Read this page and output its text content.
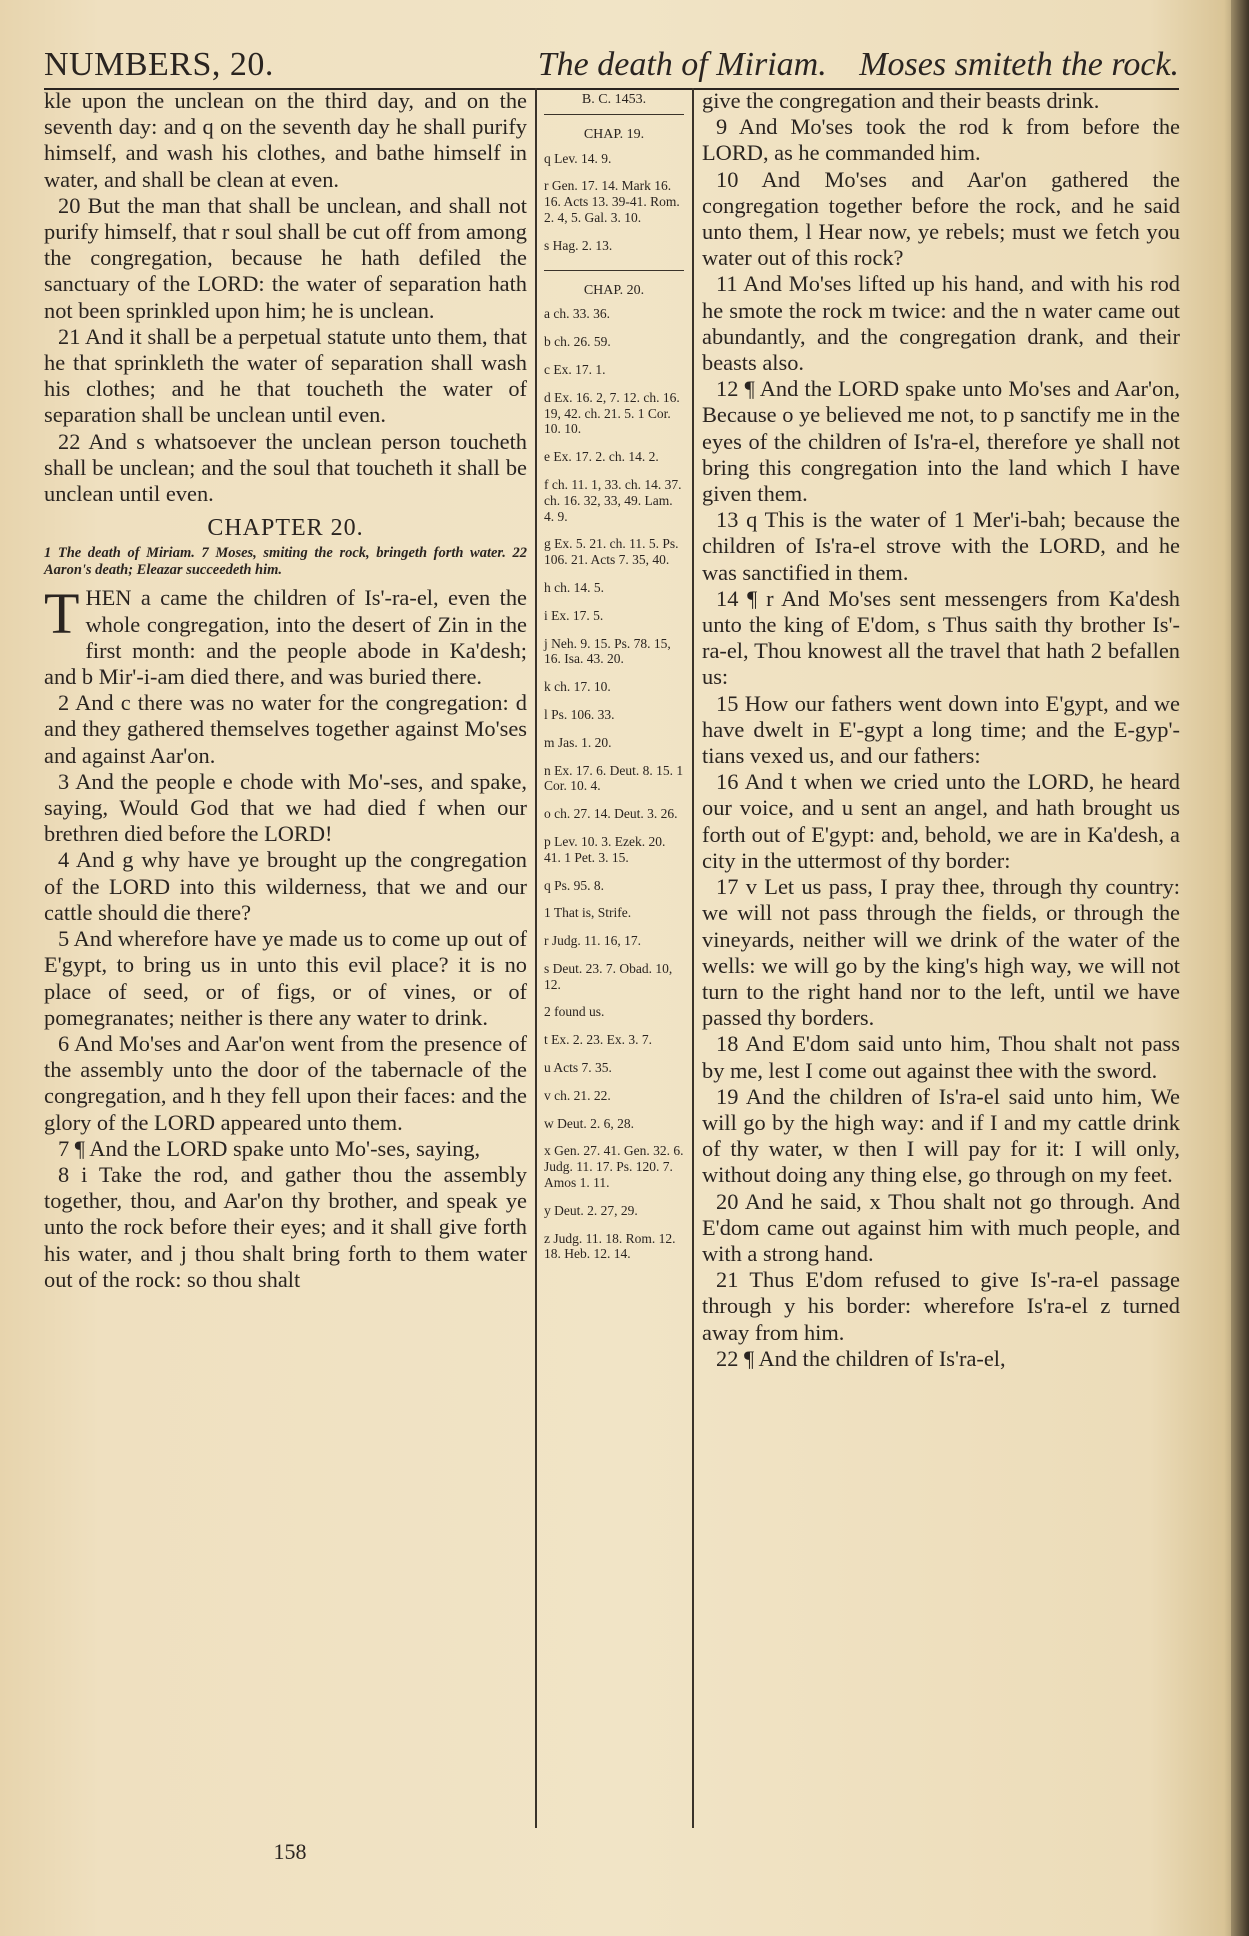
NUMBERS, 20.	The death of Miriam. Moses smiteth the rock.

kle upon the unclean on the third day, and on the seventh day: and q on the seventh day he shall purify himself, and wash his clothes, and bathe himself in water, and shall be clean at even.

20 But the man that shall be unclean, and shall not purify himself, that r soul shall be cut off from among the congregation, because he hath defiled the sanctuary of the LORD: the water of separation hath not been sprinkled upon him; he is unclean.

21 And it shall be a perpetual statute unto them, that he that sprinkleth the water of separation shall wash his clothes; and he that toucheth the water of separation shall be unclean until even.

22 And s whatsoever the unclean person toucheth shall be unclean; and the soul that toucheth it shall be unclean until even.

CHAPTER 20.
1 The death of Miriam. 7 Moses, smiting the rock, bringeth forth water. 22 Aaron's death; Eleazar succeedeth him.

THEN a came the children of Is'-ra-el, even the whole congregation, into the desert of Zin in the first month: and the people abode in Ka'desh; and b Mir'-i-am died there, and was buried there.

2 And c there was no water for the congregation: d and they gathered themselves together against Mo'ses and against Aar'on.

3 And the people e chode with Mo'-ses, and spake, saying, Would God that we had died f when our brethren died before the LORD!

4 And g why have ye brought up the congregation of the LORD into this wilderness, that we and our cattle should die there?

5 And wherefore have ye made us to come up out of E'gypt, to bring us in unto this evil place? it is no place of seed, or of figs, or of vines, or of pomegranates; neither is there any water to drink.

6 And Mo'ses and Aar'on went from the presence of the assembly unto the door of the tabernacle of the congregation, and h they fell upon their faces: and the glory of the LORD appeared unto them.

7 ¶ And the LORD spake unto Mo'-ses, saying,

8 i Take the rod, and gather thou the assembly together, thou, and Aar'on thy brother, and speak ye unto the rock before their eyes; and it shall give forth his water, and j thou shalt bring forth to them water out of the rock: so thou shalt

B. C. 1453.
CHAP. 19.
q Lev. 14. 9.
r Gen. 17. 14. Mark 16. 16. Acts 13. 39-41. Rom. 2. 4, 5. Gal. 3. 10.
s Hag. 2. 13.
CHAP. 20.
a ch. 33. 36.
b ch. 26. 59.
c Ex. 17. 1.
d Ex. 16. 2, 7. 12. ch. 16. 19, 42. ch. 21. 5. 1 Cor. 10. 10.
e Ex. 17. 2. ch. 14. 2.
f ch. 11. 1, 33. ch. 14. 37. ch. 16. 32, 33, 49. Lam. 4. 9.
g Ex. 5. 21. ch. 11. 5. Ps. 106. 21. Acts 7. 35, 40.
h ch. 14. 5.
i Ex. 17. 5.
j Neh. 9. 15. Ps. 78. 15, 16. Isa. 43. 20.
k ch. 17. 10.
l Ps. 106. 33.
m Jas. 1. 20.
n Ex. 17. 6. Deut. 8. 15. 1 Cor. 10. 4.
o ch. 27. 14. Deut. 3. 26.
p Lev. 10. 3. Ezek. 20. 41. 1 Pet. 3. 15.
q Ps. 95. 8.
1 That is, Strife.
r Judg. 11. 16, 17.
s Deut. 23. 7. Obad. 10, 12.
2 found us.
t Ex. 2. 23. Ex. 3. 7.
u Acts 7. 35.
v ch. 21. 22.
w Deut. 2. 6, 28.
x Gen. 27. 41. Gen. 32. 6. Judg. 11. 17. Ps. 120. 7. Amos 1. 11.
y Deut. 2. 27, 29.
z Judg. 11. 18. Rom. 12. 18. Heb. 12. 14.

give the congregation and their beasts drink.

9 And Mo'ses took the rod k from before the LORD, as he commanded him.

10 And Mo'ses and Aar'on gathered the congregation together before the rock, and he said unto them, l Hear now, ye rebels; must we fetch you water out of this rock?

11 And Mo'ses lifted up his hand, and with his rod he smote the rock m twice: and the n water came out abundantly, and the congregation drank, and their beasts also.

12 ¶ And the LORD spake unto Mo'ses and Aar'on, Because o ye believed me not, to p sanctify me in the eyes of the children of Is'ra-el, therefore ye shall not bring this congregation into the land which I have given them.

13 q This is the water of 1 Mer'i-bah; because the children of Is'ra-el strove with the LORD, and he was sanctified in them.

14 ¶ r And Mo'ses sent messengers from Ka'desh unto the king of E'dom, s Thus saith thy brother Is'-ra-el, Thou knowest all the travel that hath 2 befallen us:

15 How our fathers went down into E'gypt, and we have dwelt in E'-gypt a long time; and the E-gyp'-tians vexed us, and our fathers:

16 And t when we cried unto the LORD, he heard our voice, and u sent an angel, and hath brought us forth out of E'gypt: and, behold, we are in Ka'desh, a city in the uttermost of thy border:

17 v Let us pass, I pray thee, through thy country: we will not pass through the fields, or through the vineyards, neither will we drink of the water of the wells: we will go by the king's high way, we will not turn to the right hand nor to the left, until we have passed thy borders.

18 And E'dom said unto him, Thou shalt not pass by me, lest I come out against thee with the sword.

19 And the children of Is'ra-el said unto him, We will go by the high way: and if I and my cattle drink of thy water, w then I will pay for it: I will only, without doing any thing else, go through on my feet.

20 And he said, x Thou shalt not go through. And E'dom came out against him with much people, and with a strong hand.

21 Thus E'dom refused to give Is'-ra-el passage through y his border: wherefore Is'ra-el z turned away from him.

22 ¶ And the children of Is'ra-el,

158
